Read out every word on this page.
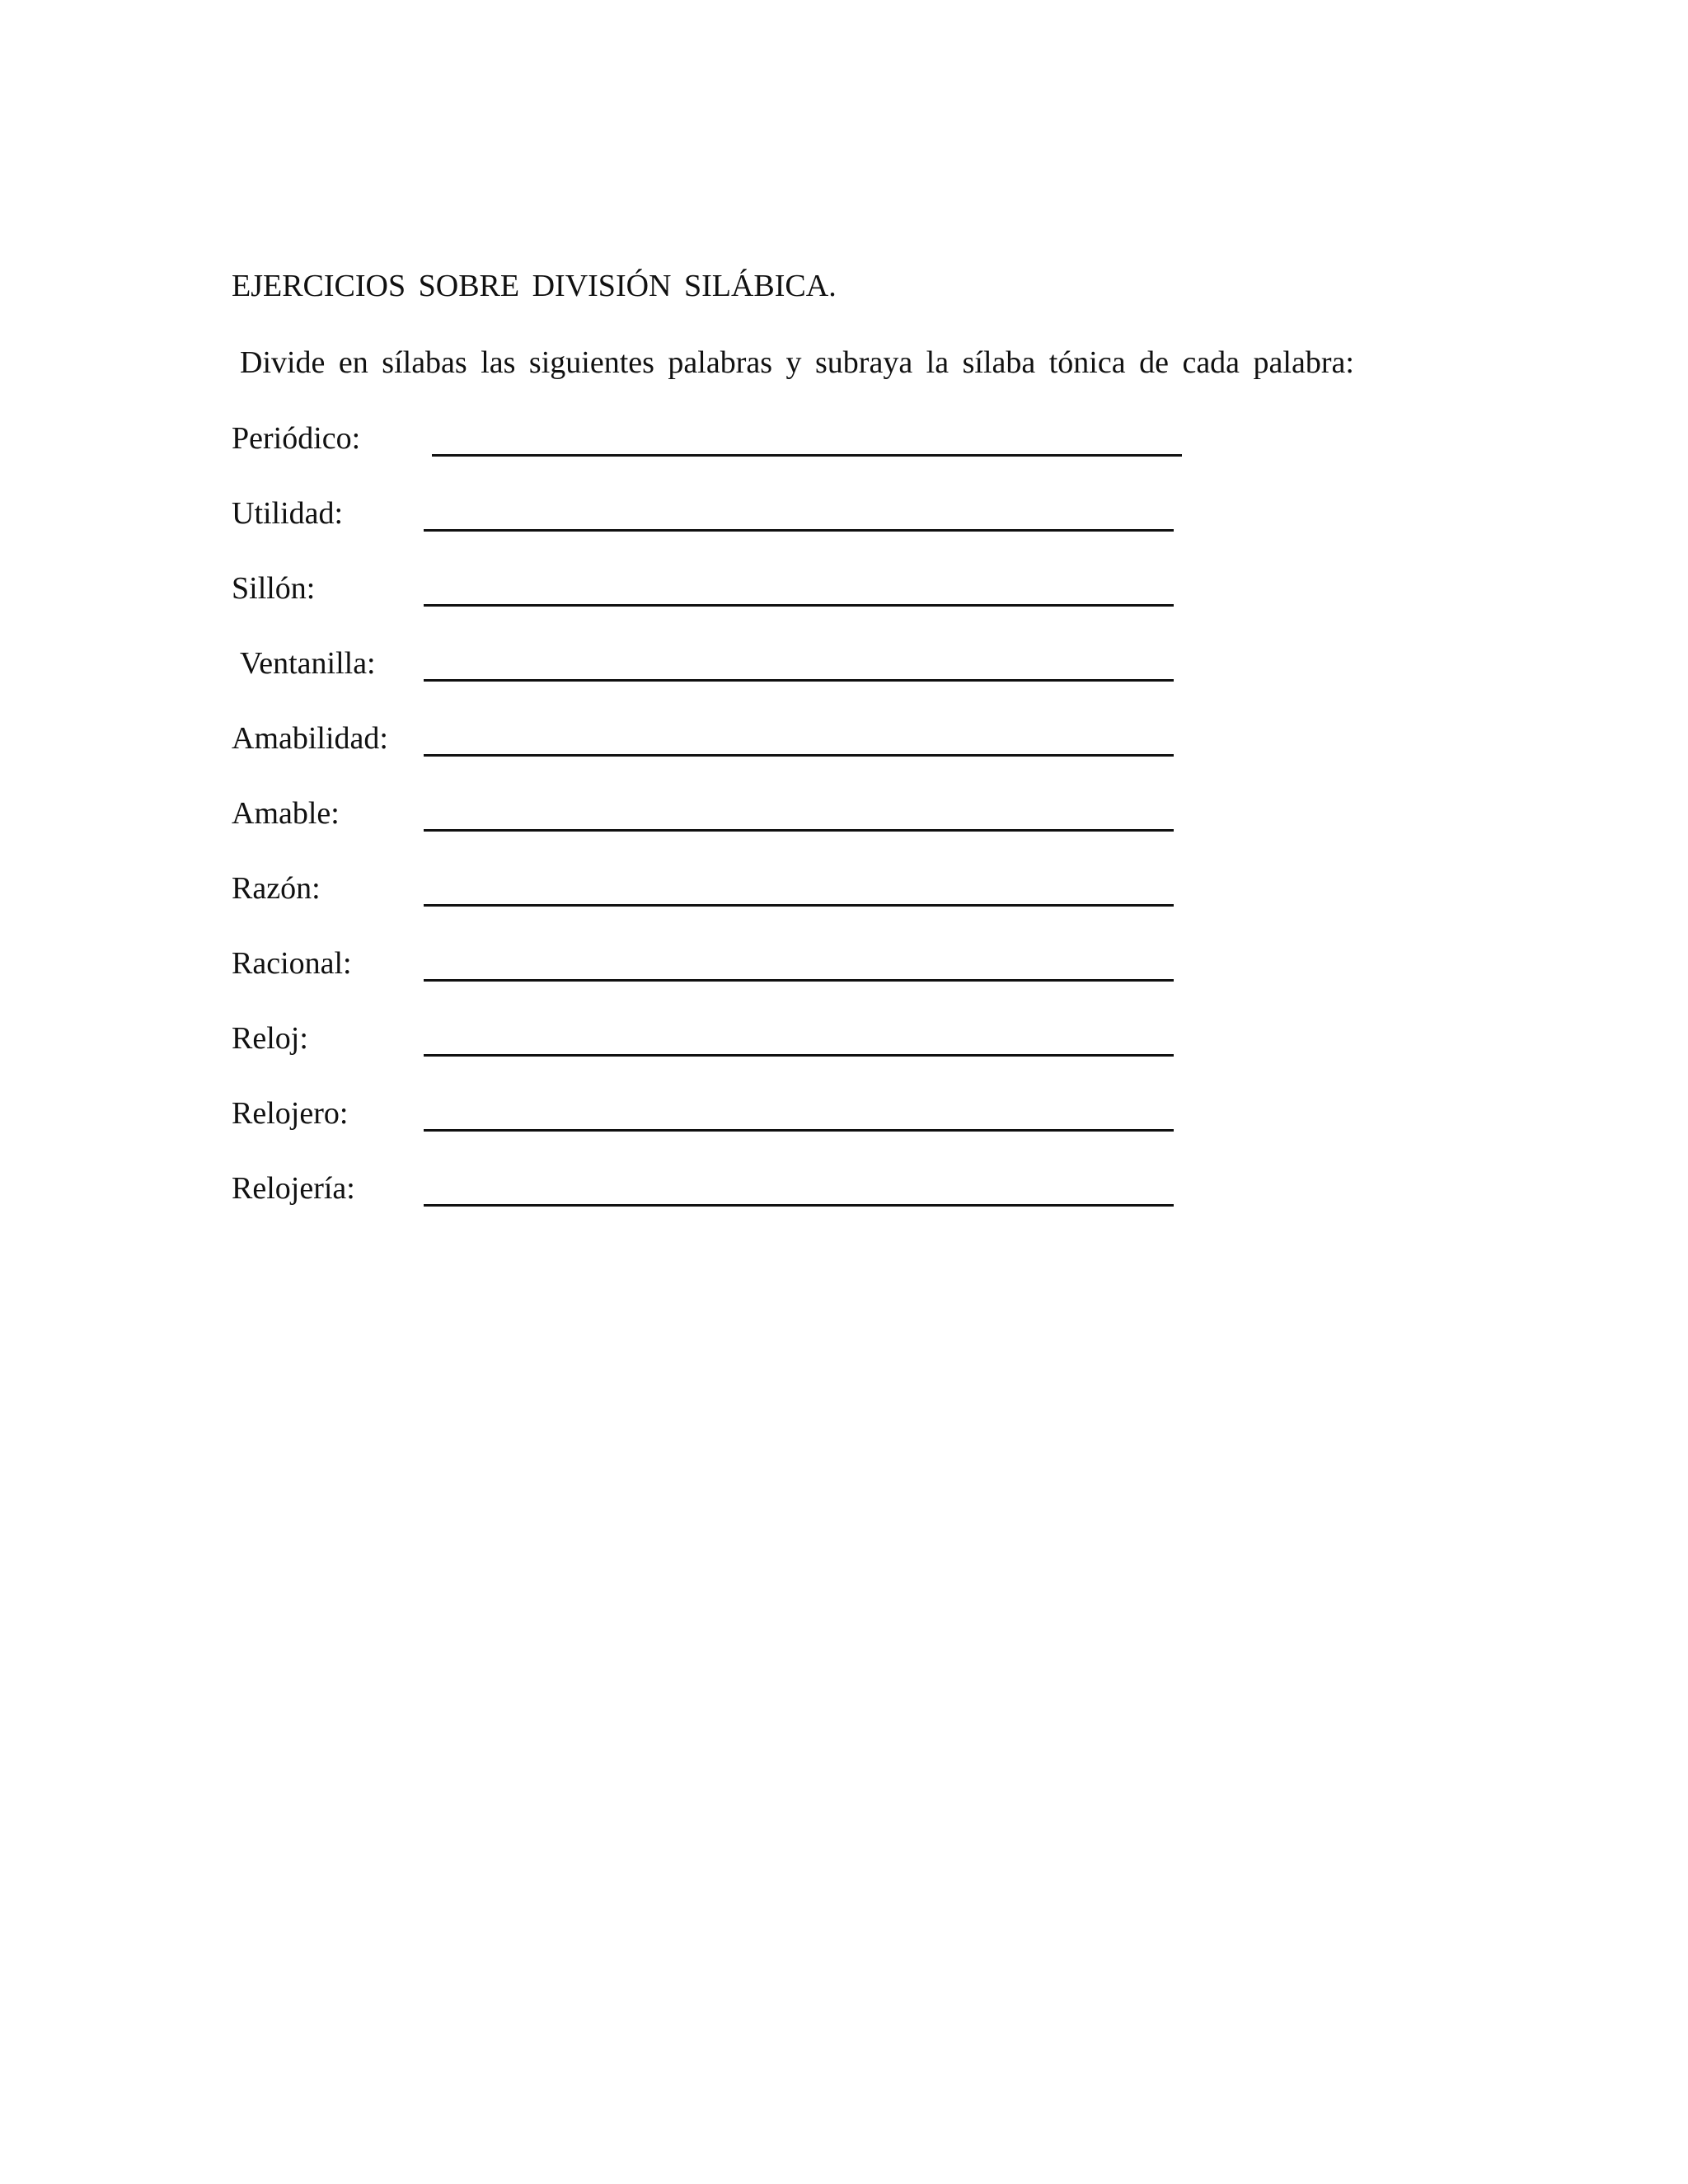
EJERCICIOS SOBRE DIVISIÓN SILÁBICA.
Divide en sílabas las siguientes palabras y subraya la sílaba tónica de cada palabra:
Periódico:
Utilidad:
Sillón:
Ventanilla:
Amabilidad:
Amable:
Razón:
Racional:
Reloj:
Relojero:
Relojería:
